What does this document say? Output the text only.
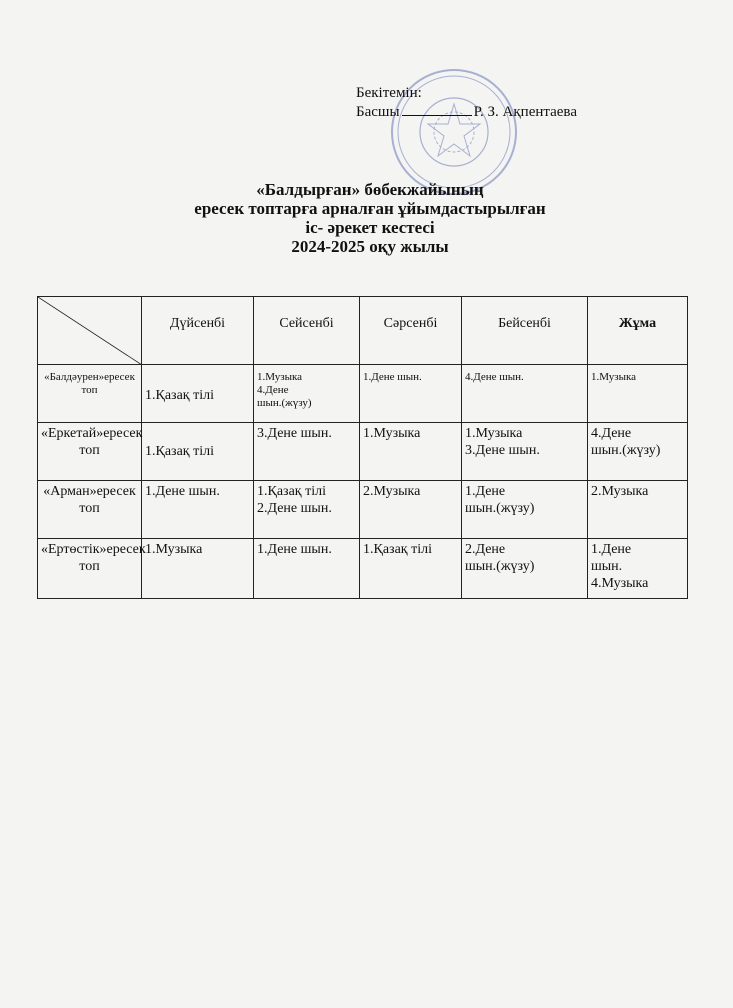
Бекітемін:
Басшы	Р. З. Ақпентаева
«Балдырған» бөбекжайының
ересек топтарға арналған ұйымдастырылған
іс- әрекет кестесі
2024-2025 оқу жылы
	Дүйсенбі	Сейсенбі	Сәрсенбі	Бейсенбі	Жұма
«Балдәурен»ересек топ	1.Қазақ тілі	1.Музыка
4.Дене
шын.(жүзу)	1.Дене шын.	4.Дене шын.	1.Музыка

«Еркетай»ересек топ	1.Қазақ тілі	3.Дене шын.	1.Музыка	1.Музыка
3.Дене шын.	4.Дене
шын.(жүзу)

«Арман»ересек топ	1.Дене шын.	1.Қазақ тілі
2.Дене шын.	2.Музыка	1.Дене
шын.(жүзу)	2.Музыка

«Ертөстік»ересек топ	1.Музыка	1.Дене шын.	1.Қазақ тілі	2.Дене
шын.(жүзу)	1.Дене
шын.
4.Музыка
